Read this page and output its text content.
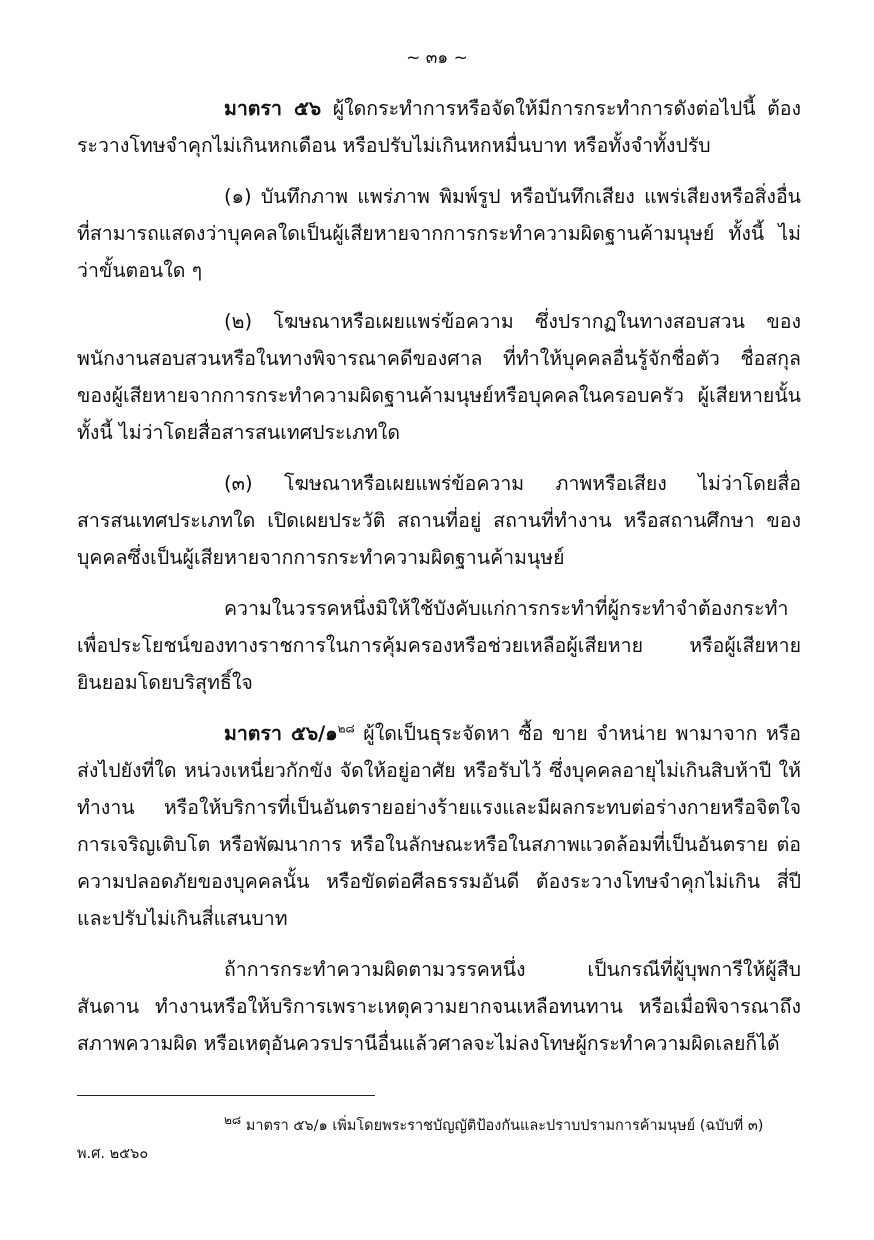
~ ๓๑ ~

มาตรา ๕๖ ผู้ใดกระทำการหรือจัดให้มีการกระทำการดังต่อไปนี้ ต้องระวางโทษจำคุกไม่เกินหกเดือน หรือปรับไม่เกินหกหมื่นบาท หรือทั้งจำทั้งปรับ

(๑) บันทึกภาพ แพร่ภาพ พิมพ์รูป หรือบันทึกเสียง แพร่เสียงหรือสิ่งอื่น ที่สามารถแสดงว่าบุคคลใดเป็นผู้เสียหายจากการกระทำความผิดฐานค้ามนุษย์ ทั้งนี้ ไม่ว่าขั้นตอนใด ๆ

(๒) โฆษณาหรือเผยแพร่ข้อความ ซึ่งปรากฏในทางสอบสวน ของพนักงานสอบสวนหรือในทางพิจารณาคดีของศาล ที่ทำให้บุคคลอื่นรู้จักชื่อตัว ชื่อสกุล ของผู้เสียหายจากการกระทำความผิดฐานค้ามนุษย์หรือบุคคลในครอบครัว ผู้เสียหายนั้น ทั้งนี้ ไม่ว่าโดยสื่อสารสนเทศประเภทใด

(๓) โฆษณาหรือเผยแพร่ข้อความ ภาพหรือเสียง ไม่ว่าโดยสื่อ สารสนเทศประเภทใด เปิดเผยประวัติ สถานที่อยู่ สถานที่ทำงาน หรือสถานศึกษา ของบุคคลซึ่งเป็นผู้เสียหายจากการกระทำความผิดฐานค้ามนุษย์

ความในวรรคหนึ่งมิให้ใช้บังคับแก่การกระทำที่ผู้กระทำจำต้องกระทำ เพื่อประโยชน์ของทางราชการในการคุ้มครองหรือช่วยเหลือผู้เสียหาย หรือผู้เสียหาย ยินยอมโดยบริสุทธิ์ใจ

มาตรา ๕๖/๑$^{๒๘}$ ผู้ใดเป็นธุระจัดหา ซื้อ ขาย จำหน่าย พามาจาก หรือส่งไปยังที่ใด หน่วงเหนี่ยวกักขัง จัดให้อยู่อาศัย หรือรับไว้ ซึ่งบุคคลอายุไม่เกินสิบห้าปี ให้ทำงาน หรือให้บริการที่เป็นอันตรายอย่างร้ายแรงและมีผลกระทบต่อร่างกายหรือจิตใจ การเจริญเติบโต หรือพัฒนาการ หรือในลักษณะหรือในสภาพแวดล้อมที่เป็นอันตราย ต่อความปลอดภัยของบุคคลนั้น หรือขัดต่อศีลธรรมอันดี ต้องระวางโทษจำคุกไม่เกิน สี่ปีและปรับไม่เกินสี่แสนบาท

ถ้าการกระทำความผิดตามวรรคหนึ่ง เป็นกรณีที่ผู้บุพการีให้ผู้สืบสันดาน ทำงานหรือให้บริการเพราะเหตุความยากจนเหลือทนทาน หรือเมื่อพิจารณาถึง สภาพความผิด หรือเหตุอันควรปรานีอื่นแล้วศาลจะไม่ลงโทษผู้กระทำความผิดเลยก็ได้

$^{๒๘}$ มาตรา ๕๖/๑ เพิ่มโดยพระราชบัญญัติป้องกันและปราบปรามการค้ามนุษย์ (ฉบับที่ ๓)
พ.ศ. ๒๕๖๐
